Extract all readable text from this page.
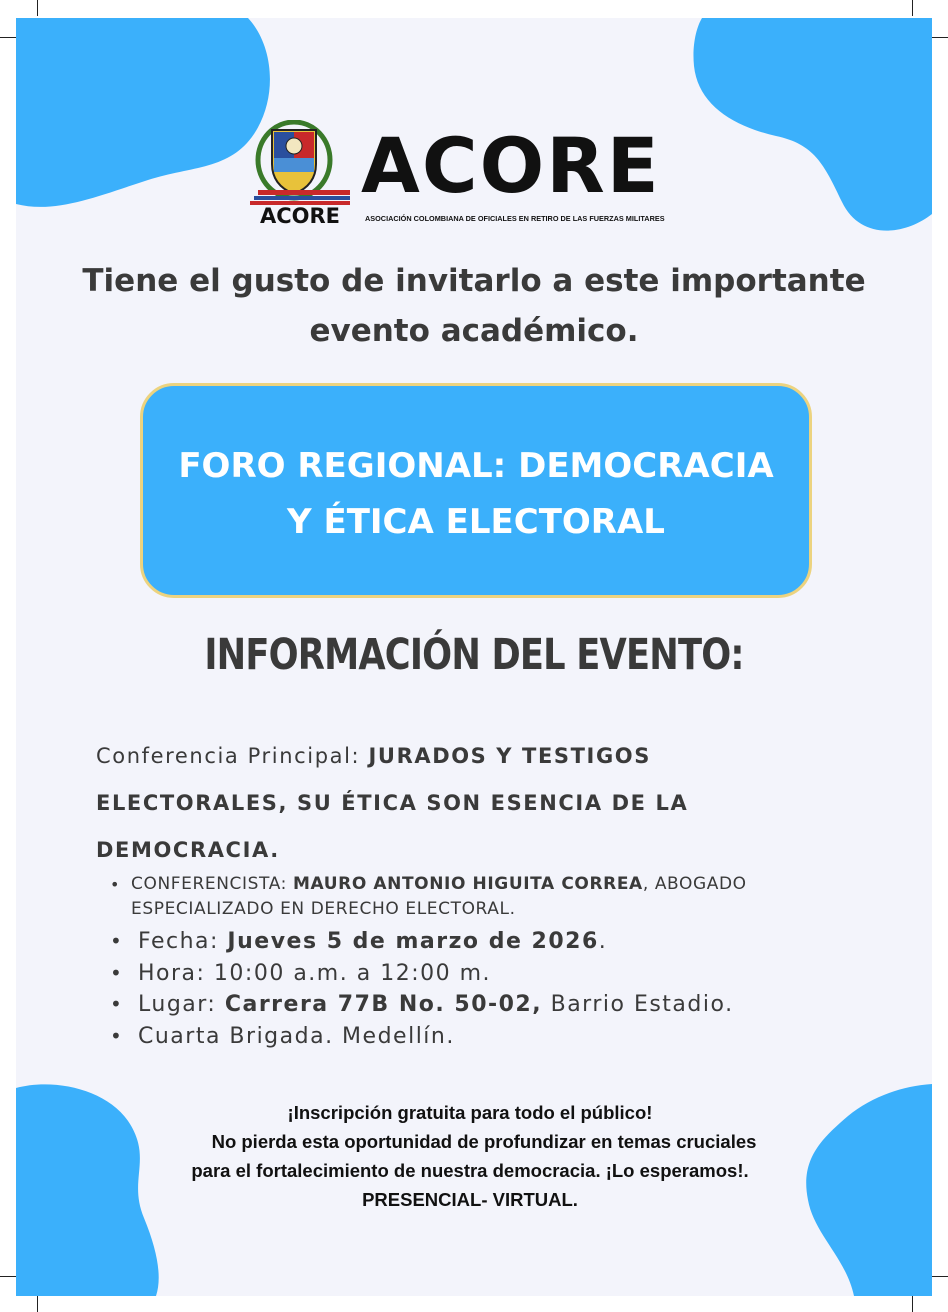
ACORE
ACORE
ASOCIACIÓN COLOMBIANA DE OFICIALES EN RETIRO DE LAS FUERZAS MILITARES
Tiene el gusto de invitarlo a este importante
evento académico.
FORO REGIONAL: DEMOCRACIA
Y ÉTICA ELECTORAL
INFORMACIÓN DEL EVENTO:
Conferencia Principal: JURADOS Y TESTIGOS ELECTORALES, SU ÉTICA SON ESENCIA DE LA DEMOCRACIA.
• CONFERENCISTA: MAURO ANTONIO HIGUITA CORREA, ABOGADO ESPECIALIZADO EN DERECHO ELECTORAL.
• Fecha: Jueves 5 de marzo de 2026.
• Hora: 10:00 a.m. a 12:00 m.
• Lugar: Carrera 77B No. 50-02, Barrio Estadio.
• Cuarta Brigada. Medellín.
¡Inscripción gratuita para todo el público!
No pierda esta oportunidad de profundizar en temas cruciales
para el fortalecimiento de nuestra democracia. ¡Lo esperamos!.
PRESENCIAL- VIRTUAL.
